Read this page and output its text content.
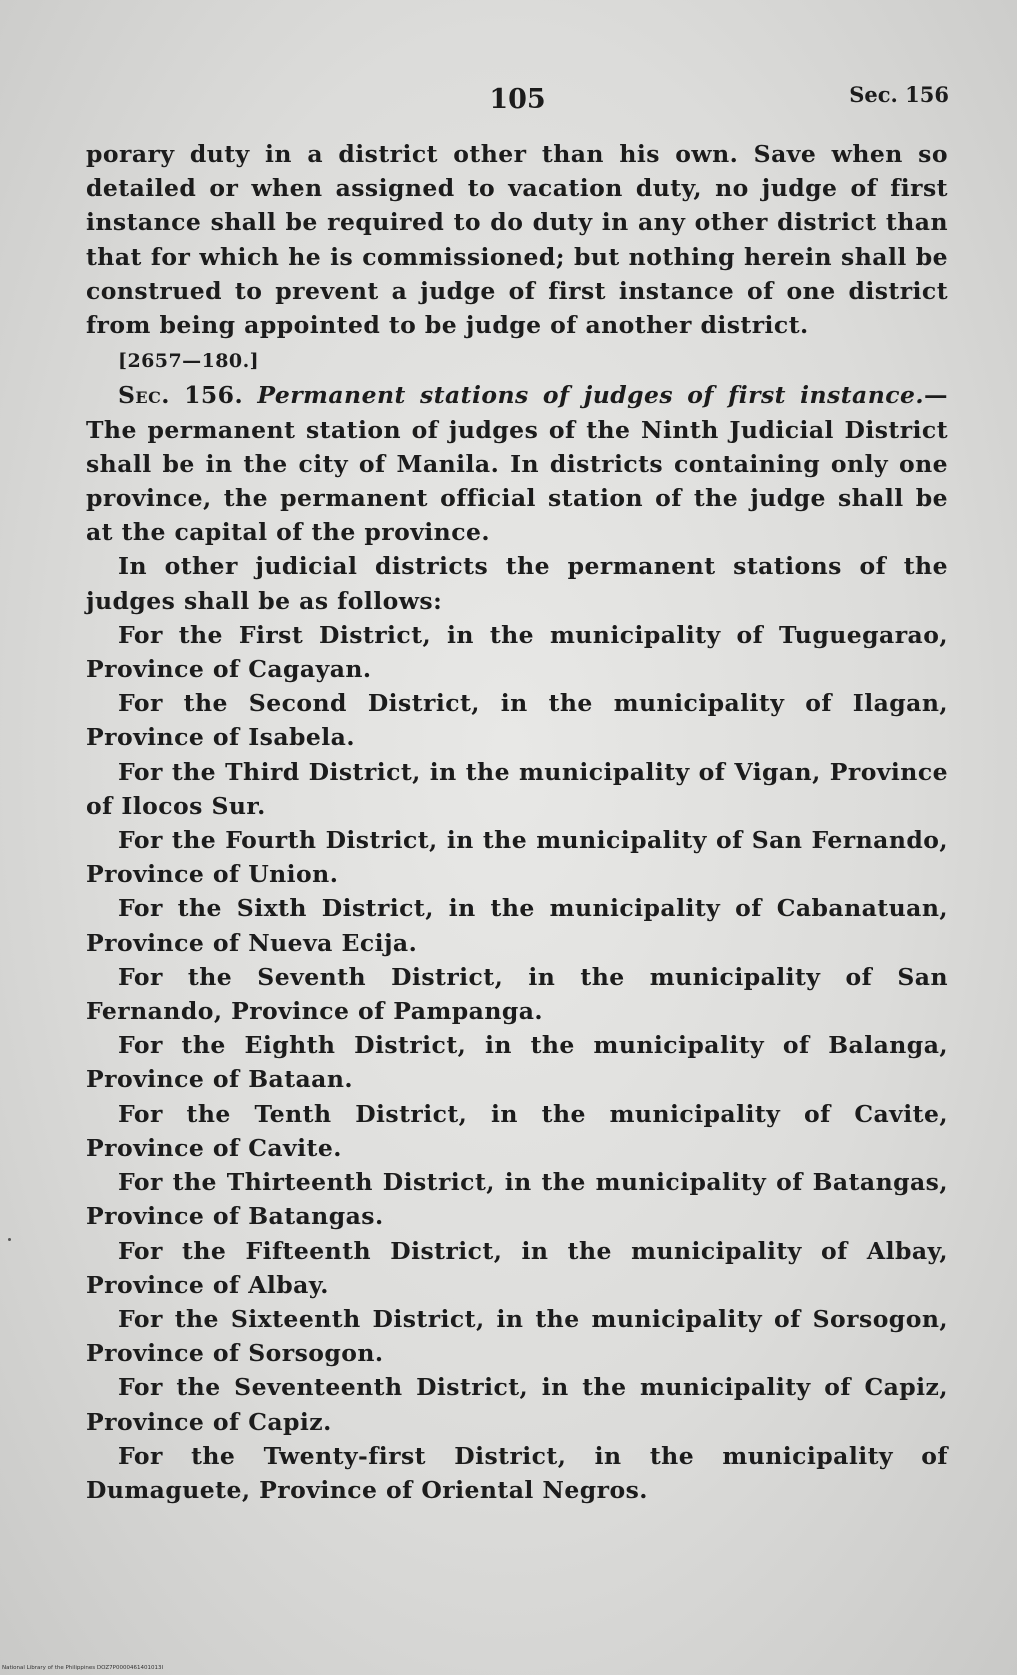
105	Sec. 156

porary duty in a district other than his own. Save when so detailed or when assigned to vacation duty, no judge of first instance shall be required to do duty in any other district than that for which he is commissioned; but nothing herein shall be construed to prevent a judge of first instance of one district from being appointed to be judge of another district.

[2657—180.]

Sec. 156. Permanent stations of judges of first instance.—The permanent station of judges of the Ninth Judicial District shall be in the city of Manila. In districts containing only one province, the permanent official station of the judge shall be at the capital of the province.

In other judicial districts the permanent stations of the judges shall be as follows:

For the First District, in the municipality of Tuguegarao, Province of Cagayan.

For the Second District, in the municipality of Ilagan, Province of Isabela.

For the Third District, in the municipality of Vigan, Province of Ilocos Sur.

For the Fourth District, in the municipality of San Fernando, Province of Union.

For the Sixth District, in the municipality of Cabanatuan, Province of Nueva Ecija.

For the Seventh District, in the municipality of San Fernando, Province of Pampanga.

For the Eighth District, in the municipality of Balanga, Province of Bataan.

For the Tenth District, in the municipality of Cavite, Province of Cavite.

For the Thirteenth District, in the municipality of Batangas, Province of Batangas.

For the Fifteenth District, in the municipality of Albay, Province of Albay.

For the Sixteenth District, in the municipality of Sorsogon, Province of Sorsogon.

For the Seventeenth District, in the municipality of Capiz, Province of Capiz.

For the Twenty-first District, in the municipality of Dumaguete, Province of Oriental Negros.

National Library of the Philippines DOZ7P0000461401013I
